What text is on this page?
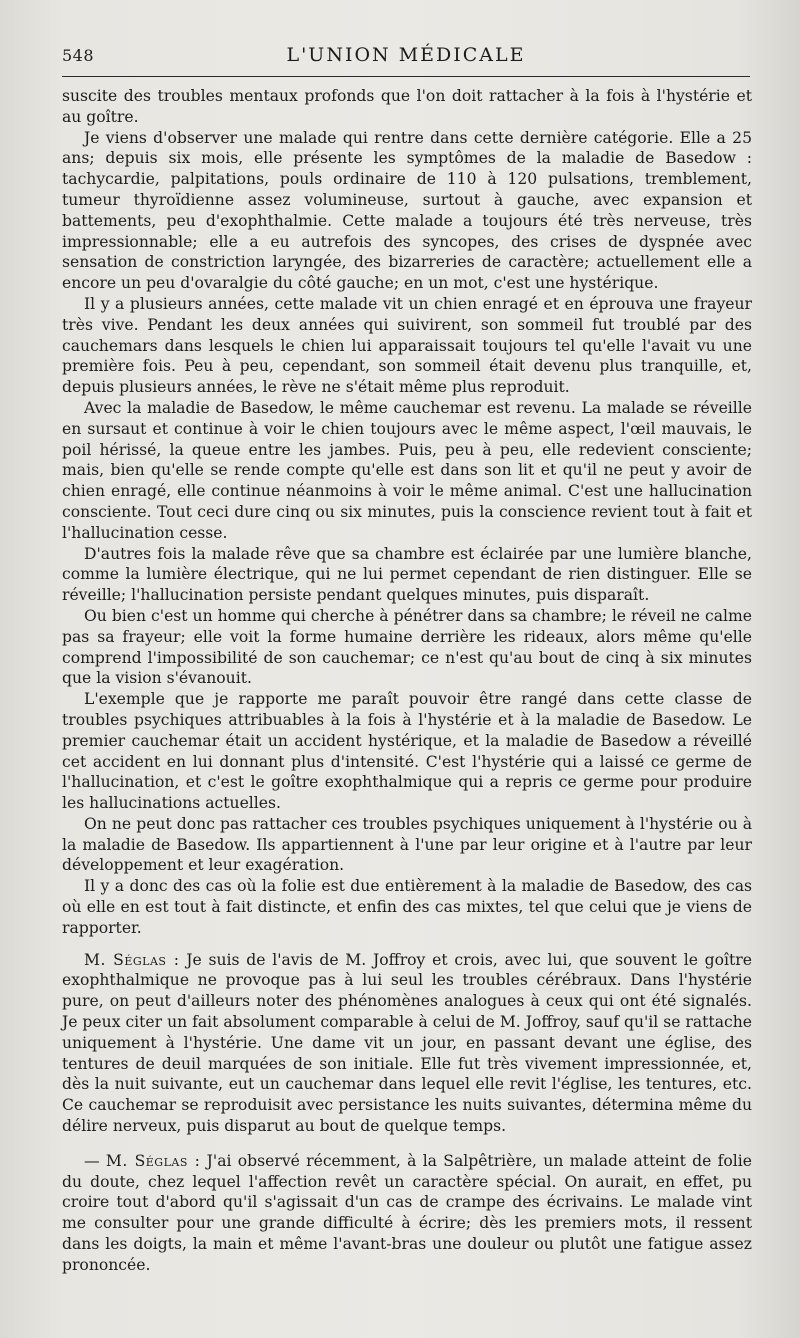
548	L'UNION MÉDICALE

suscite des troubles mentaux profonds que l'on doit rattacher à la fois à l'hystérie et au goître.

Je viens d'observer une malade qui rentre dans cette dernière catégorie. Elle a 25 ans; depuis six mois, elle présente les symptômes de la maladie de Basedow : tachycardie, palpitations, pouls ordinaire de 110 à 120 pulsations, tremblement, tumeur thyroïdienne assez volumineuse, surtout à gauche, avec expansion et battements, peu d'exophthalmie. Cette malade a toujours été très nerveuse, très impressionnable; elle a eu autrefois des syncopes, des crises de dyspnée avec sensation de constriction laryngée, des bizarreries de caractère; actuellement elle a encore un peu d'ovaralgie du côté gauche; en un mot, c'est une hystérique.

Il y a plusieurs années, cette malade vit un chien enragé et en éprouva une frayeur très vive. Pendant les deux années qui suivirent, son sommeil fut troublé par des cauchemars dans lesquels le chien lui apparaissait toujours tel qu'elle l'avait vu une première fois. Peu à peu, cependant, son sommeil était devenu plus tranquille, et, depuis plusieurs années, le rève ne s'était même plus reproduit.

Avec la maladie de Basedow, le même cauchemar est revenu. La malade se réveille en sursaut et continue à voir le chien toujours avec le même aspect, l'œil mauvais, le poil hérissé, la queue entre les jambes. Puis, peu à peu, elle redevient consciente; mais, bien qu'elle se rende compte qu'elle est dans son lit et qu'il ne peut y avoir de chien enragé, elle continue néanmoins à voir le même animal. C'est une hallucination consciente. Tout ceci dure cinq ou six minutes, puis la conscience revient tout à fait et l'hallucination cesse.

D'autres fois la malade rêve que sa chambre est éclairée par une lumière blanche, comme la lumière électrique, qui ne lui permet cependant de rien distinguer. Elle se réveille; l'hallucination persiste pendant quelques minutes, puis disparaît.

Ou bien c'est un homme qui cherche à pénétrer dans sa chambre; le réveil ne calme pas sa frayeur; elle voit la forme humaine derrière les rideaux, alors même qu'elle comprend l'impossibilité de son cauchemar; ce n'est qu'au bout de cinq à six minutes que la vision s'évanouit.

L'exemple que je rapporte me paraît pouvoir être rangé dans cette classe de troubles psychiques attribuables à la fois à l'hystérie et à la maladie de Basedow. Le premier cauchemar était un accident hystérique, et la maladie de Basedow a réveillé cet accident en lui donnant plus d'intensité. C'est l'hystérie qui a laissé ce germe de l'hallucination, et c'est le goître exophthalmique qui a repris ce germe pour produire les hallucinations actuelles.

On ne peut donc pas rattacher ces troubles psychiques uniquement à l'hystérie ou à la maladie de Basedow. Ils appartiennent à l'une par leur origine et à l'autre par leur développement et leur exagération.

Il y a donc des cas où la folie est due entièrement à la maladie de Basedow, des cas où elle en est tout à fait distincte, et enfin des cas mixtes, tel que celui que je viens de rapporter.

M. Séglas : Je suis de l'avis de M. Joffroy et crois, avec lui, que souvent le goître exophthalmique ne provoque pas à lui seul les troubles cérébraux. Dans l'hystérie pure, on peut d'ailleurs noter des phénomènes analogues à ceux qui ont été signalés. Je peux citer un fait absolument comparable à celui de M. Joffroy, sauf qu'il se rattache uniquement à l'hystérie. Une dame vit un jour, en passant devant une église, des tentures de deuil marquées de son initiale. Elle fut très vivement impressionnée, et, dès la nuit suivante, eut un cauchemar dans lequel elle revit l'église, les tentures, etc. Ce cauchemar se reproduisit avec persistance les nuits suivantes, détermina même du délire nerveux, puis disparut au bout de quelque temps.

— M. Séglas : J'ai observé récemment, à la Salpêtrière, un malade atteint de folie du doute, chez lequel l'affection revêt un caractère spécial. On aurait, en effet, pu croire tout d'abord qu'il s'agissait d'un cas de crampe des écrivains. Le malade vint me consulter pour une grande difficulté à écrire; dès les premiers mots, il ressent dans les doigts, la main et même l'avant-bras une douleur ou plutôt une fatigue assez prononcée.
